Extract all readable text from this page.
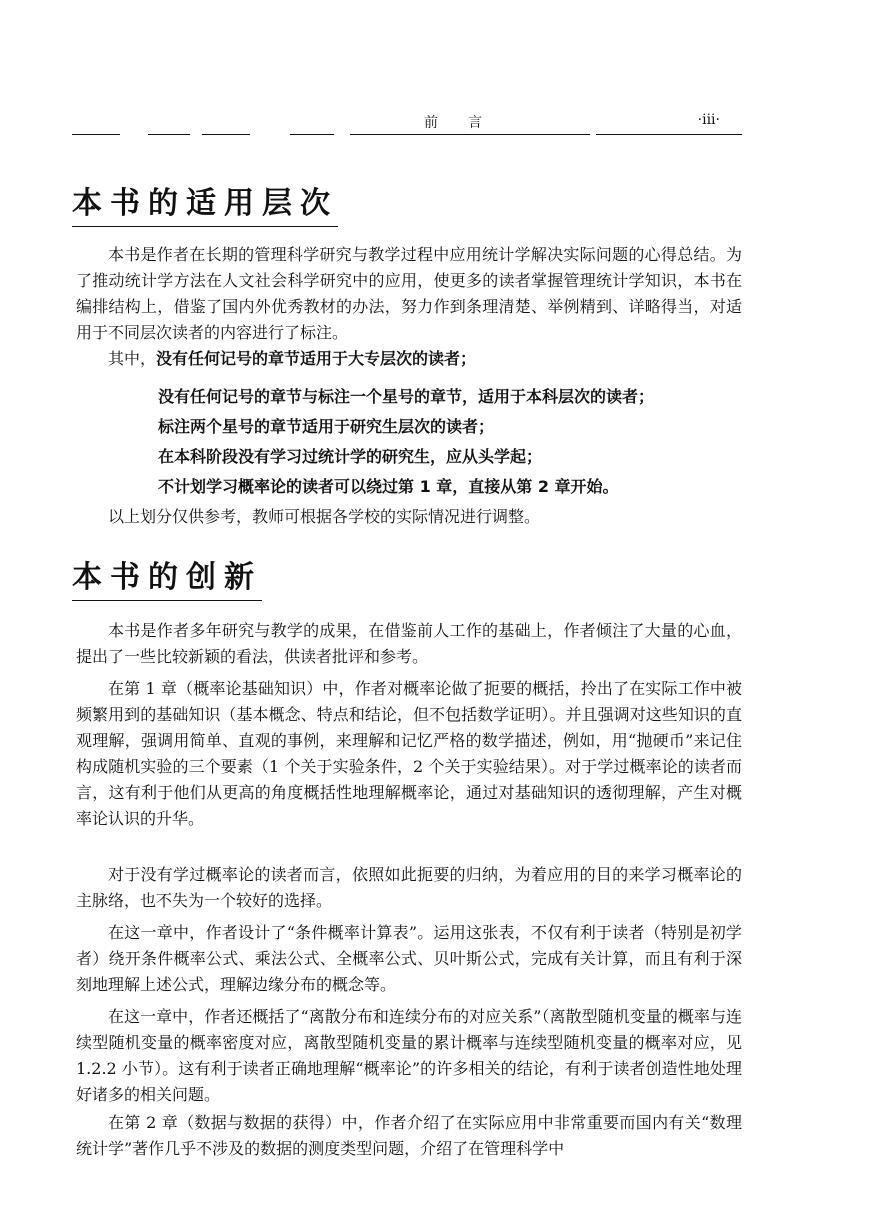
前言	·iii·
本书的适用层次

本书是作者在长期的管理科学研究与教学过程中应用统计学解决实际问题的心得总结。为了推动统计学方法在人文社会科学研究中的应用，使更多的读者掌握管理统计学知识，本书在编排结构上，借鉴了国内外优秀教材的办法，努力作到条理清楚、举例精到、详略得当，对适用于不同层次读者的内容进行了标注。

其中，没有任何记号的章节适用于大专层次的读者；

没有任何记号的章节与标注一个星号的章节，适用于本科层次的读者；

标注两个星号的章节适用于研究生层次的读者；

在本科阶段没有学习过统计学的研究生，应从头学起；

不计划学习概率论的读者可以绕过第 1 章，直接从第 2 章开始。

以上划分仅供参考，教师可根据各学校的实际情况进行调整。

本书的创新

本书是作者多年研究与教学的成果，在借鉴前人工作的基础上，作者倾注了大量的心血，提出了一些比较新颖的看法，供读者批评和参考。

在第 1 章（概率论基础知识）中，作者对概率论做了扼要的概括，拎出了在实际工作中被频繁用到的基础知识（基本概念、特点和结论，但不包括数学证明）。并且强调对这些知识的直观理解，强调用简单、直观的事例，来理解和记忆严格的数学描述，例如，用“抛硬币”来记住构成随机实验的三个要素（1 个关于实验条件，2 个关于实验结果）。对于学过概率论的读者而言，这有利于他们从更高的角度概括性地理解概率论，通过对基础知识的透彻理解，产生对概率论认识的升华。

对于没有学过概率论的读者而言，依照如此扼要的归纳，为着应用的目的来学习概率论的主脉络，也不失为一个较好的选择。

在这一章中，作者设计了“条件概率计算表”。运用这张表，不仅有利于读者（特别是初学者）绕开条件概率公式、乘法公式、全概率公式、贝叶斯公式，完成有关计算，而且有利于深刻地理解上述公式，理解边缘分布的概念等。

在这一章中，作者还概括了“离散分布和连续分布的对应关系”（离散型随机变量的概率与连续型随机变量的概率密度对应，离散型随机变量的累计概率与连续型随机变量的概率对应，见 1.2.2 小节）。这有利于读者正确地理解“概率论”的许多相关的结论，有利于读者创造性地处理好诸多的相关问题。

在第 2 章（数据与数据的获得）中，作者介绍了在实际应用中非常重要而国内有关“数理统计学”著作几乎不涉及的数据的测度类型问题，介绍了在管理科学中
